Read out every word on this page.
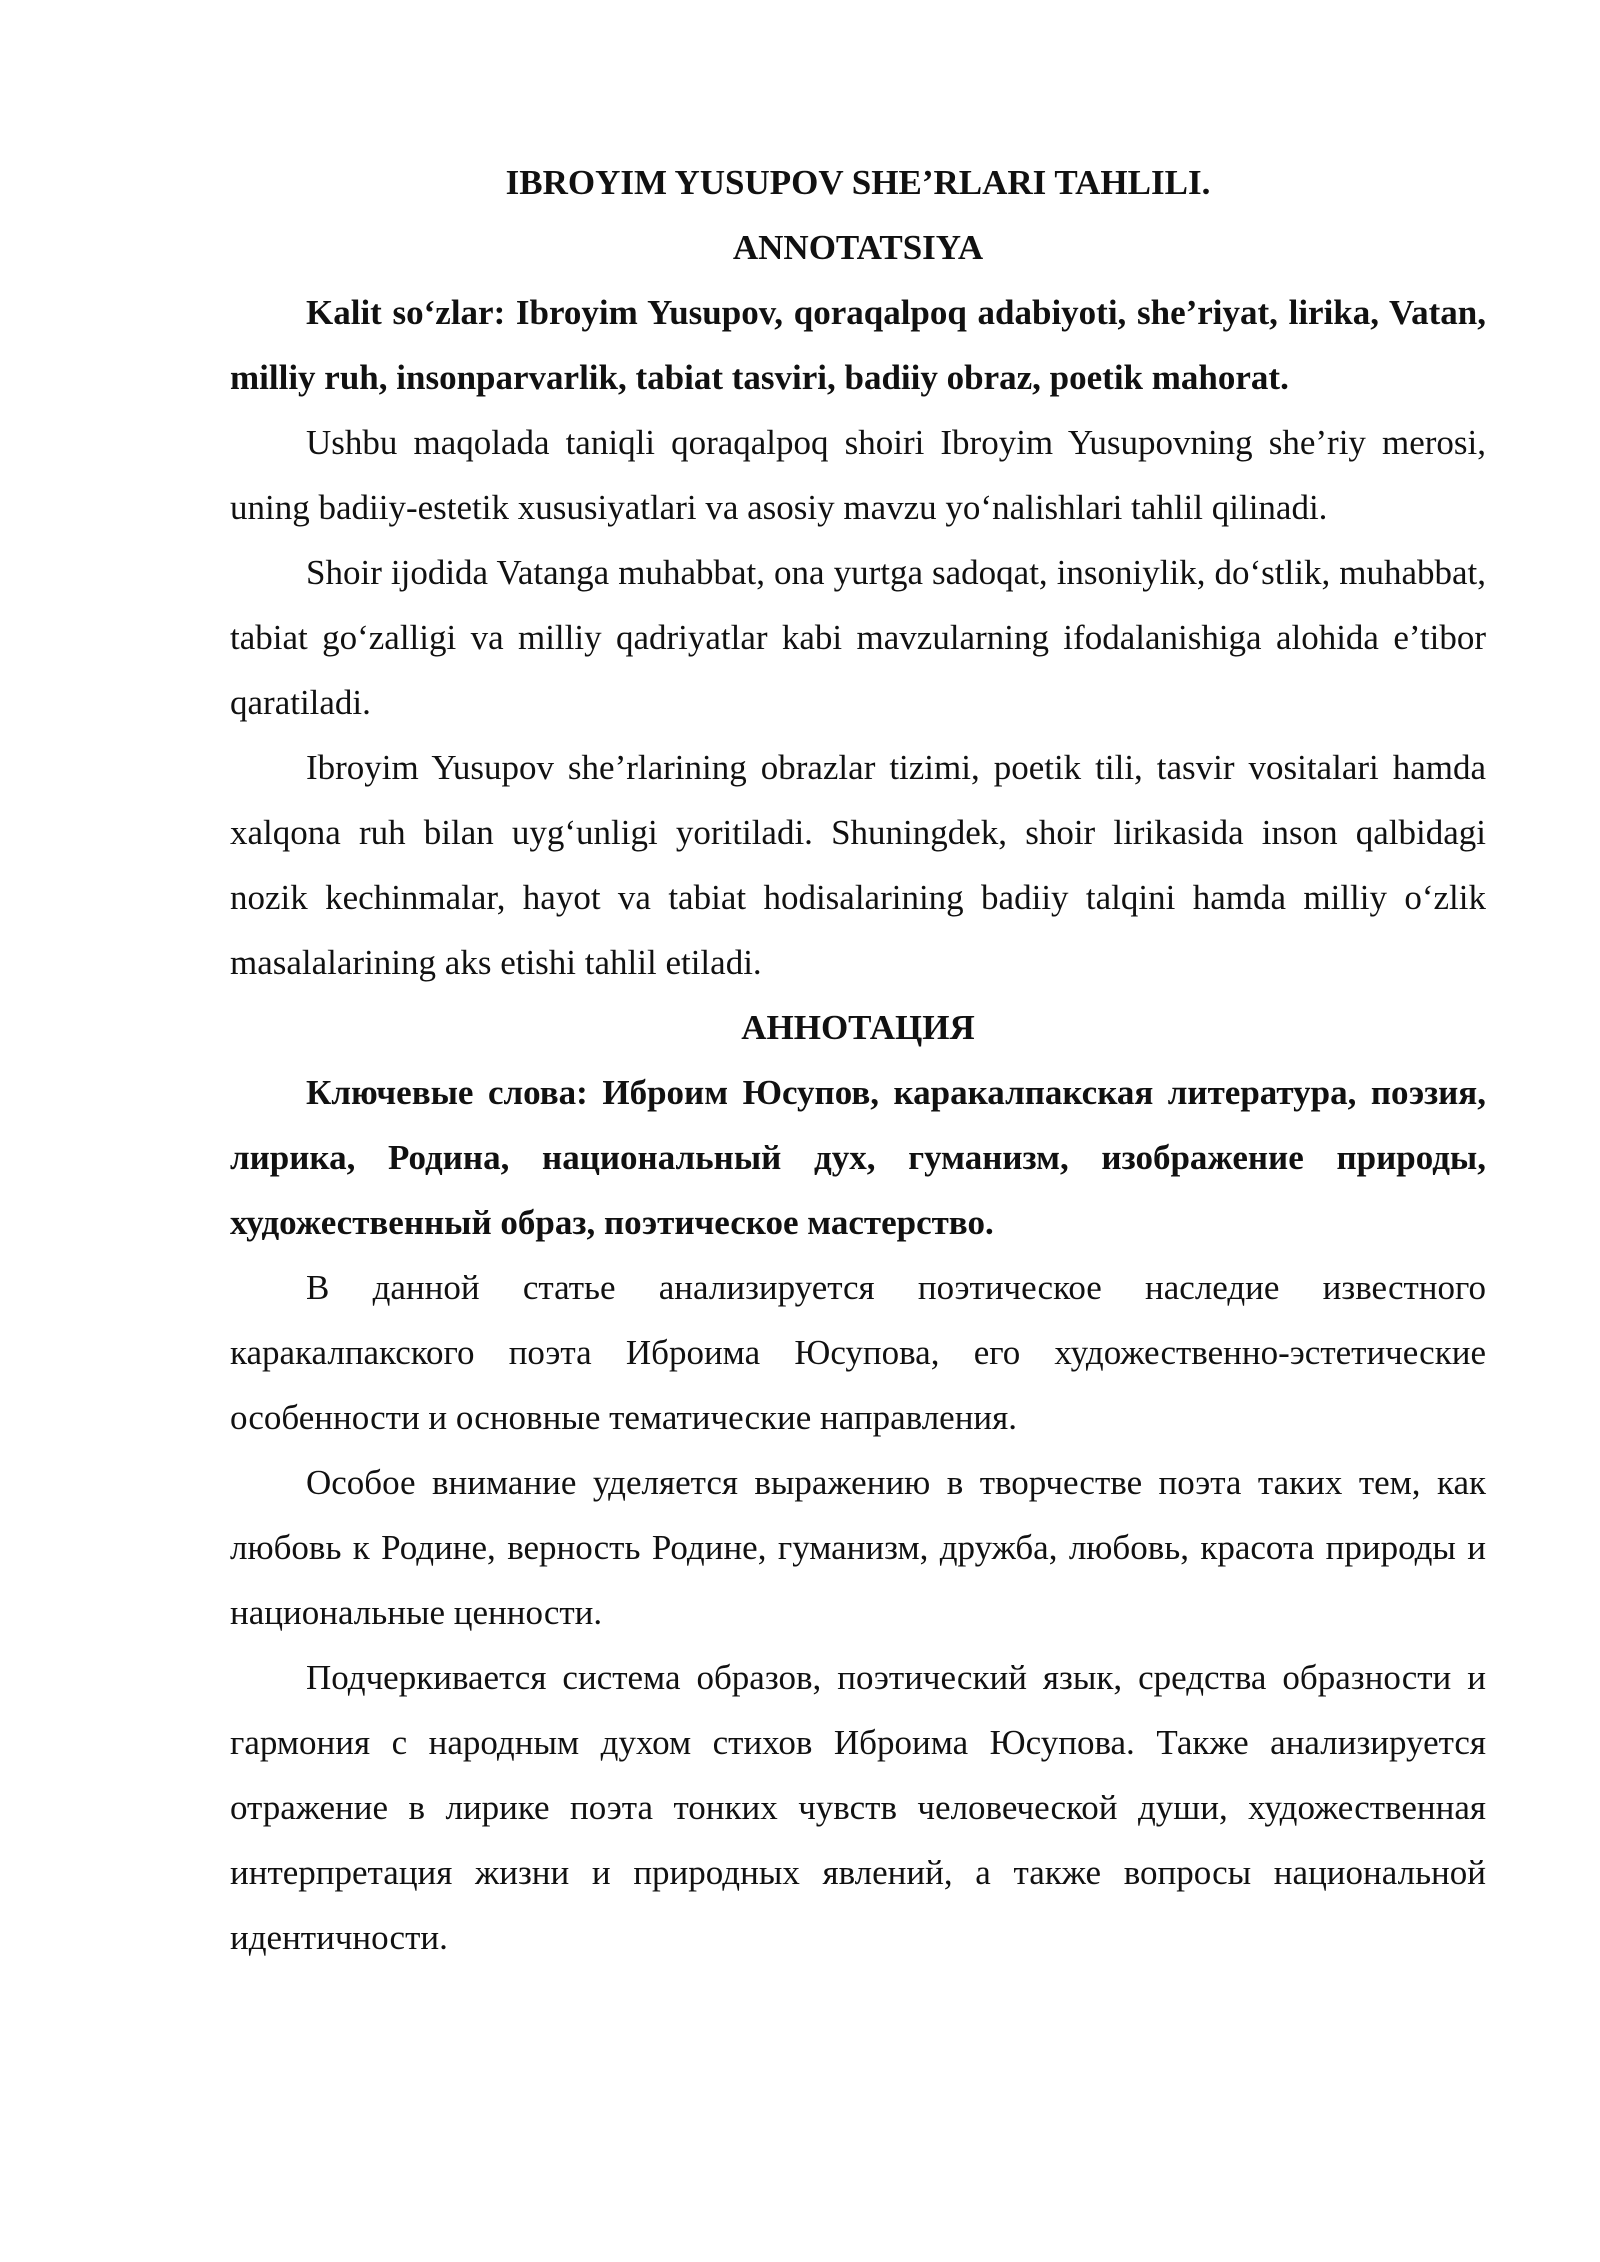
IBROYIM YUSUPOV SHE’RLARI TAHLILI.
ANNOTATSIYA

Kalit so‘zlar: Ibroyim Yusupov, qoraqalpoq adabiyoti, she’riyat, lirika, Vatan, milliy ruh, insonparvarlik, tabiat tasviri, badiiy obraz, poetik mahorat.

Ushbu maqolada taniqli qoraqalpoq shoiri Ibroyim Yusupovning she’riy merosi, uning badiiy-estetik xususiyatlari va asosiy mavzu yo‘nalishlari tahlil qilinadi.

Shoir ijodida Vatanga muhabbat, ona yurtga sadoqat, insoniylik, do‘stlik, muhabbat, tabiat go‘zalligi va milliy qadriyatlar kabi mavzularning ifodalanishiga alohida e’tibor qaratiladi.

Ibroyim Yusupov she’rlarining obrazlar tizimi, poetik tili, tasvir vositalari hamda xalqona ruh bilan uyg‘unligi yoritiladi. Shuningdek, shoir lirikasida inson qalbidagi nozik kechinmalar, hayot va tabiat hodisalarining badiiy talqini hamda milliy o‘zlik masalalarining aks etishi tahlil etiladi.

АННОТАЦИЯ

Ключевые слова: Иброим Юсупов, каракалпакская литература, поэзия, лирика, Родина, национальный дух, гуманизм, изображение природы, художественный образ, поэтическое мастерство.

В данной статье анализируется поэтическое наследие известного каракалпакского поэта Иброима Юсупова, его художественно-эстетические особенности и основные тематические направления.

Особое внимание уделяется выражению в творчестве поэта таких тем, как любовь к Родине, верность Родине, гуманизм, дружба, любовь, красота природы и национальные ценности.

Подчеркивается система образов, поэтический язык, средства образности и гармония с народным духом стихов Иброима Юсупова. Также анализируется отражение в лирике поэта тонких чувств человеческой души, художественная интерпретация жизни и природных явлений, а также вопросы национальной идентичности.
